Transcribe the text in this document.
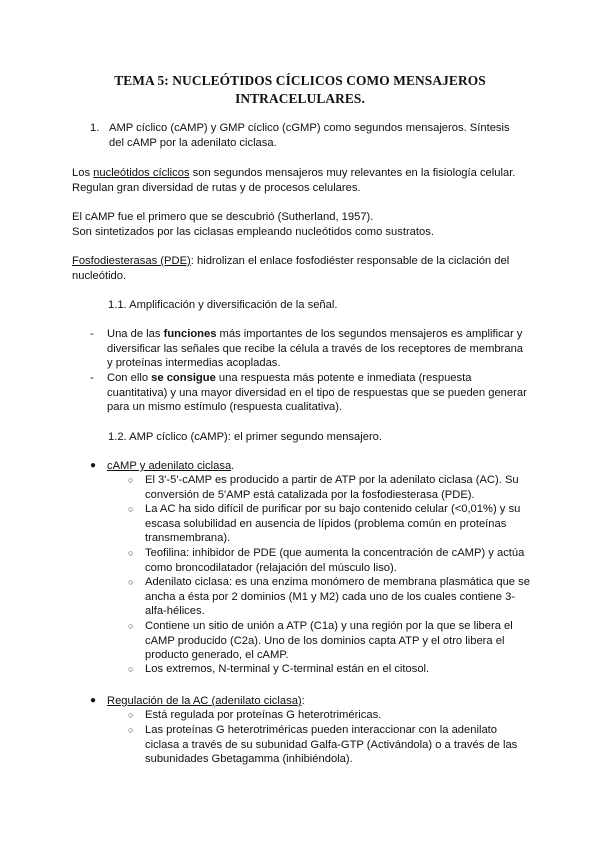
TEMA 5: NUCLEÓTIDOS CÍCLICOS COMO MENSAJEROS
INTRACELULARES.
1. AMP cíclico (cAMP) y GMP cíclico (cGMP) como segundos mensajeros. Síntesis del cAMP por la adenilato ciclasa.

Los nucleótidos cíclicos son segundos mensajeros muy relevantes en la fisiología celular. Regulan gran diversidad de rutas y de procesos celulares.

El cAMP fue el primero que se descubrió (Sutherland, 1957).
Son sintetizados por las ciclasas empleando nucleótidos como sustratos.

Fosfodiesterasas (PDE): hidrolizan el enlace fosfodiéster responsable de la ciclación del nucleótido.

1.1. Amplificación y diversificación de la señal.
- Una de las funciones más importantes de los segundos mensajeros es amplificar y diversificar las señales que recibe la célula a través de los receptores de membrana y proteínas intermedias acopladas.
- Con ello se consigue una respuesta más potente e inmediata (respuesta cuantitativa) y una mayor diversidad en el tipo de respuestas que se pueden generar para un mismo estímulo (respuesta cualitativa).
1.2. AMP cíclico (cAMP): el primer segundo mensajero.
● cAMP y adenilato ciclasa.
○ El 3'-5'-cAMP es producido a partir de ATP por la adenilato ciclasa (AC). Su conversión de 5'AMP está catalizada por la fosfodiesterasa (PDE).
○ La AC ha sido difícil de purificar por su bajo contenido celular (<0,01%) y su escasa solubilidad en ausencia de lípidos (problema común en proteínas transmembrana).
○ Teofilina: inhibidor de PDE (que aumenta la concentración de cAMP) y actúa como broncodilatador (relajación del músculo liso).
○ Adenilato ciclasa: es una enzima monómero de membrana plasmática que se ancha a ésta por 2 dominios (M1 y M2) cada uno de los cuales contiene 3-alfa-hélices.
○ Contiene un sitio de unión a ATP (C1a) y una región por la que se libera el cAMP producido (C2a). Uno de los dominios capta ATP y el otro libera el producto generado, el cAMP.
○ Los extremos, N-terminal y C-terminal están en el citosol.
● Regulación de la AC (adenilato ciclasa):
○ Está regulada por proteínas G heterotriméricas.
○ Las proteínas G heterotriméricas pueden interaccionar con la adenilato ciclasa a través de su subunidad Galfa-GTP (Activándola) o a través de las subunidades Gbetagamma (inhibiéndola).
